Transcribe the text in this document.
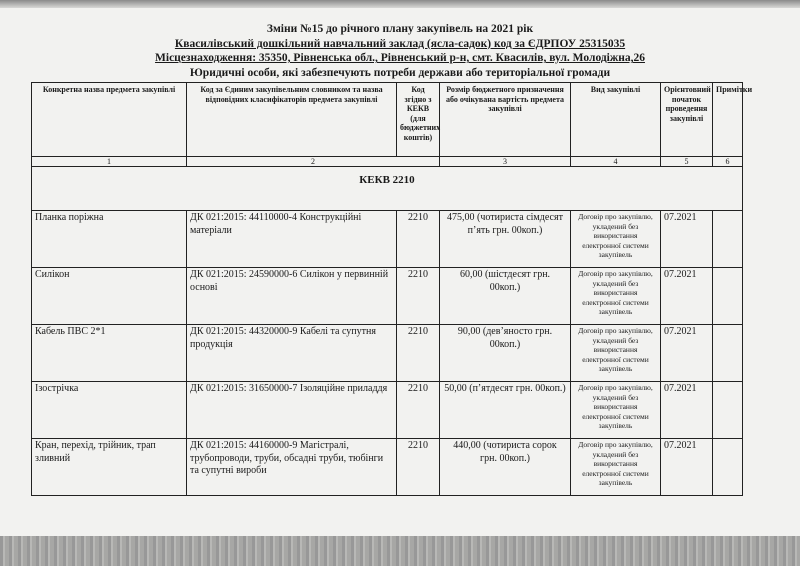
Зміни №15 до річного плану закупівель на 2021 рік
Квасилівський дошкільний навчальний заклад (ясла-садок) код за ЄДРПОУ 25315035
Місцезнаходження: 35350, Рівненська обл., Рівненський р-н, смт. Квасилів, вул. Молодіжна,26
Юридичні особи, які забезпечують потреби держави або територіальної громади
Конкретна назва предмета закупівлі	Код за Єдиним закупівельним словником та назва відповідних класифікаторів предмета закупівлі	Код згідно з КЕКВ (для бюджетних коштів)	Розмір бюджетного призначення або очікувана вартість предмета закупівлі	Вид закупівлі	Орієнтовний початок проведення закупівлі	Примітки
1	2		3	4	5	6
КЕКВ 2210						
Планка поріжна	ДК 021:2015: 44110000-4 Конструкційні матеріали	2210	475,00 (чотириста сімдесят п’ять грн. 00коп.)	Договір про закупівлю, укладений без використання електронної системи закупівель	07.2021	
Силікон	ДК 021:2015: 24590000-6 Силікон у первинній основі	2210	60,00 (шістдесят грн. 00коп.)	Договір про закупівлю, укладений без використання електронної системи закупівель	07.2021	
Кабель ПВС 2*1	ДК 021:2015: 44320000-9 Кабелі та супутня продукція	2210	90,00 (дев’яносто грн. 00коп.)	Договір про закупівлю, укладений без використання електронної системи закупівель	07.2021	
Ізострічка	ДК 021:2015: 31650000-7 Ізоляційне приладдя	2210	50,00 (п’ятдесят грн. 00коп.)	Договір про закупівлю, укладений без використання електронної системи закупівель	07.2021	
Кран, перехід, трійник, трап зливний	ДК 021:2015: 44160000-9 Магістралі, трубопроводи, труби, обсадні труби, тюбінги та супутні вироби	2210	440,00 (чотириста сорок грн. 00коп.)	Договір про закупівлю, укладений без використання електронної системи закупівель	07.2021	
